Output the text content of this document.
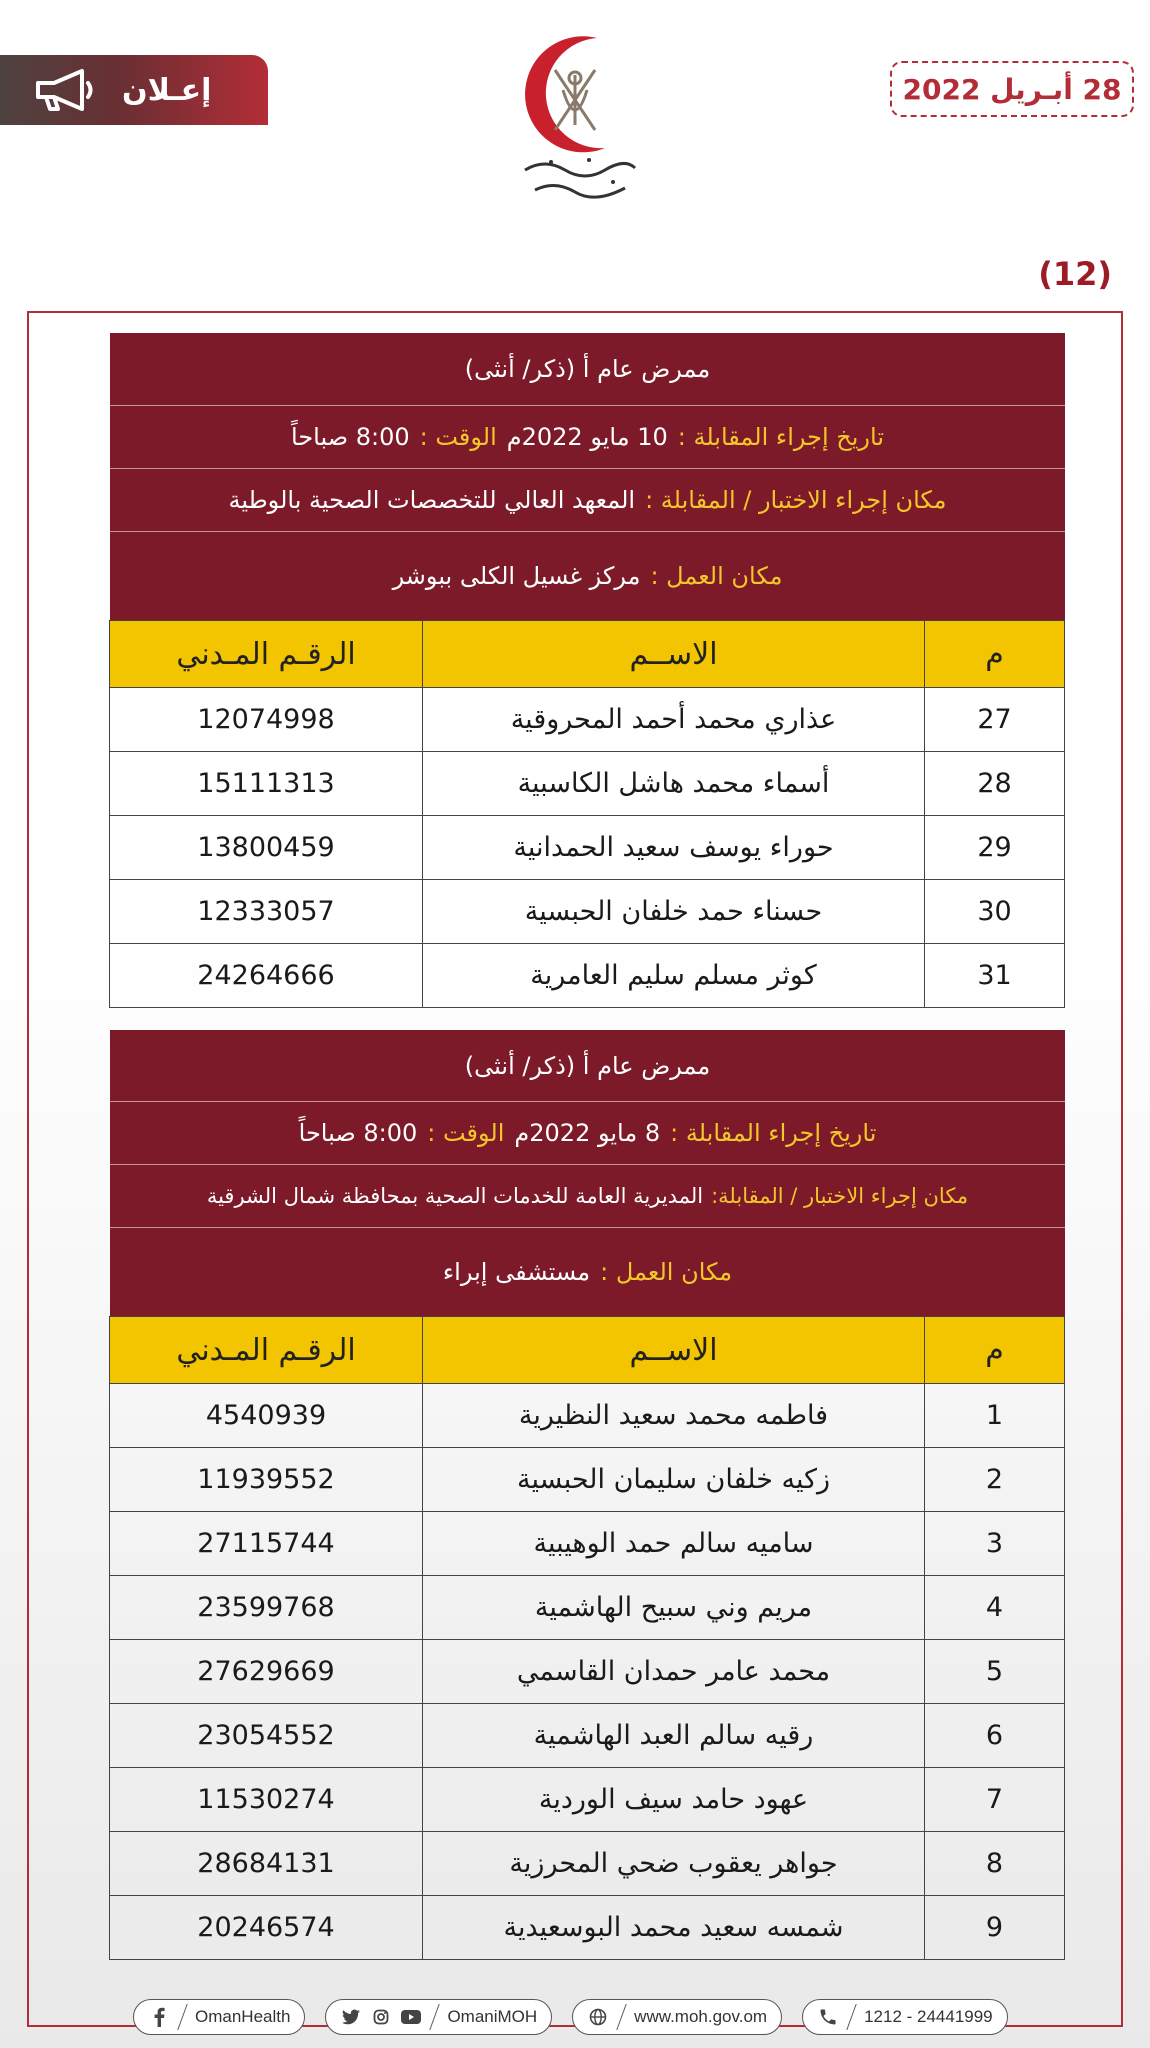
إعـلان	28 أبـريل 2022
(12)
ممرض عام أ (ذكر/ أنثى)
تاريخ إجراء المقابلة :
10 مايو 2022م
الوقت :
8:00 صباحاً
مكان إجراء الاختبار / المقابلة :
المعهد العالي للتخصصات الصحية بالوطية
مكان العمل :
مركز غسيل الكلى ببوشر
م	الاســم	الرقـم المـدني
27	عذاري محمد أحمد المحروقية	12074998
28	أسماء محمد هاشل الكاسبية	15111313
29	حوراء يوسف سعيد الحمدانية	13800459
30	حسناء حمد خلفان الحبسية	12333057
31	كوثر مسلم سليم العامرية	24264666
ممرض عام أ (ذكر/ أنثى)
تاريخ إجراء المقابلة :
8 مايو 2022م
الوقت :
8:00 صباحاً
مكان إجراء الاختبار / المقابلة:
المديرية العامة للخدمات الصحية بمحافظة شمال الشرقية
مكان العمل :
مستشفى إبراء
م	الاســم	الرقـم المـدني
1	فاطمه محمد سعيد النظيرية	4540939
2	زكيه خلفان سليمان الحبسية	11939552
3	ساميه سالم حمد الوهيبية	27115744
4	مريم وني سبيح الهاشمية	23599768
5	محمد عامر حمدان القاسمي	27629669
6	رقيه سالم العبد الهاشمية	23054552
7	عهود حامد سيف الوردية	11530274
8	جواهر يعقوب ضحي المحرزية	28684131
9	شمسه سعيد محمد البوسعيدية	20246574
OmanHealth	OmaniMOH	www.moh.gov.om	1212 - 24441999
